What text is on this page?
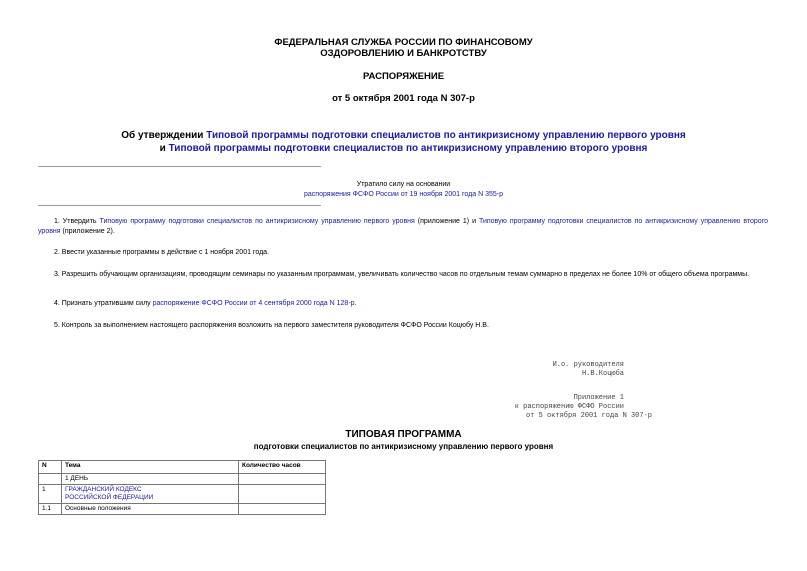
ФЕДЕРАЛЬНАЯ СЛУЖБА РОССИИ ПО ФИНАНСОВОМУ
ОЗДОРОВЛЕНИЮ И БАНКРОТСТВУ
РАСПОРЯЖЕНИЕ
от 5 октября 2001 года N 307-р
Об утверждении Типовой программы подготовки специалистов по антикризисному управлению первого уровня и Типовой программы подготовки специалистов по антикризисному управлению второго уровня
Утратило силу на основании
распоряжения ФСФО России от 19 ноября 2001 года N 355-р
1. Утвердить Типовую программу подготовки специалистов по антикризисному управлению первого уровня (приложение 1) и Типовую программу подготовки специалистов по антикризисному управлению второго уровня (приложение 2).
2. Ввести указанные программы в действие с 1 ноября 2001 года.
3. Разрешить обучающим организациям, проводящим семинары по указанным программам, увеличивать количество часов по отдельным темам суммарно в пределах не более 10% от общего объема программы.
4. Признать утратившим силу распоряжение ФСФО России от 4 сентября 2000 года N 128-р.
5. Контроль за выполнением настоящего распоряжения возложить на первого заместителя руководителя ФСФО России Коцюбу Н.В.
И.о. руководителя
Н.В.Коцюба
Приложение 1
к распоряжению ФСФО России
от 5 октября 2001 года N 307-р
ТИПОВАЯ ПРОГРАММА
подготовки специалистов по антикризисному управлению первого уровня
N	Тема	Количество часов
	1 ДЕНЬ	
1	ГРАЖДАНСКИЙ КОДЕКС РОССИЙСКОЙ ФЕДЕРАЦИИ	
1.1	Основные положения	
